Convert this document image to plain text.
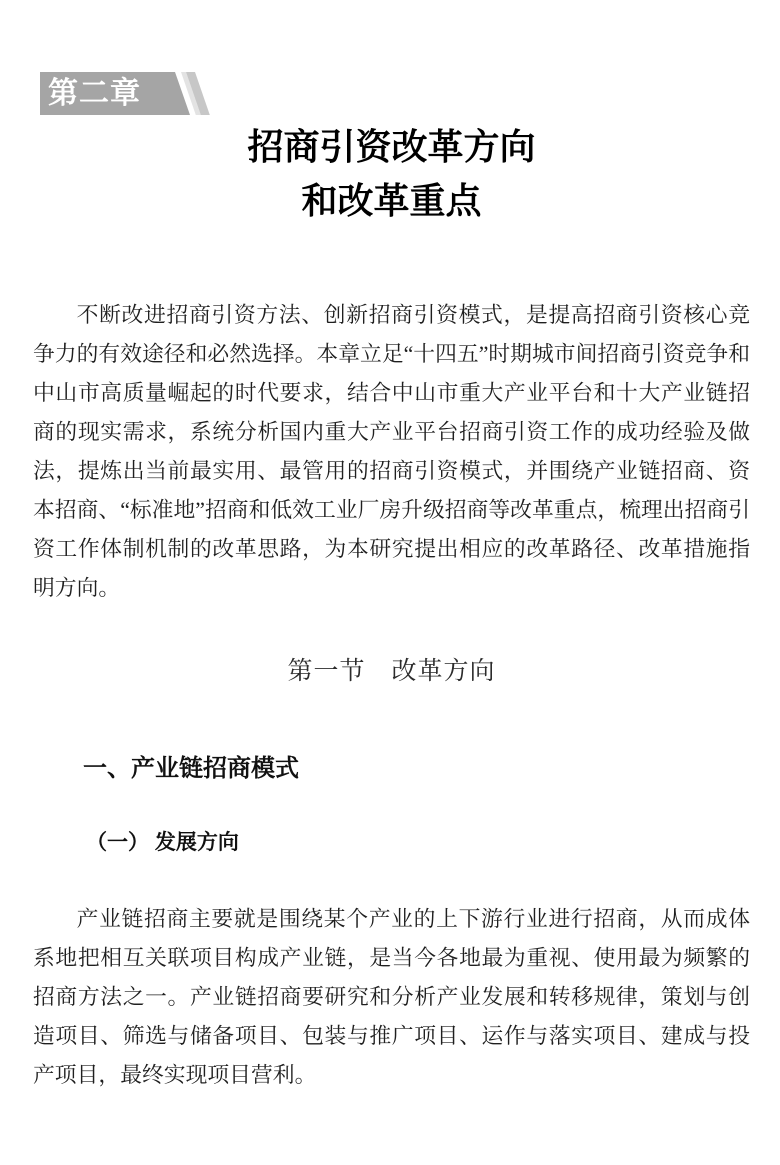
第二章
招商引资改革方向
和改革重点
不断改进招商引资方法、创新招商引资模式，是提高招商引资核心竞争力的有效途径和必然选择。本章立足“十四五”时期城市间招商引资竞争和中山市高质量崛起的时代要求，结合中山市重大产业平台和十大产业链招商的现实需求，系统分析国内重大产业平台招商引资工作的成功经验及做法，提炼出当前最实用、最管用的招商引资模式，并围绕产业链招商、资本招商、“标准地”招商和低效工业厂房升级招商等改革重点，梳理出招商引资工作体制机制的改革思路，为本研究提出相应的改革路径、改革措施指明方向。
第一节　改革方向
一、产业链招商模式
（一） 发展方向
产业链招商主要就是围绕某个产业的上下游行业进行招商，从而成体系地把相互关联项目构成产业链，是当今各地最为重视、使用最为频繁的招商方法之一。产业链招商要研究和分析产业发展和转移规律，策划与创造项目、筛选与储备项目、包装与推广项目、运作与落实项目、建成与投产项目，最终实现项目营利。
